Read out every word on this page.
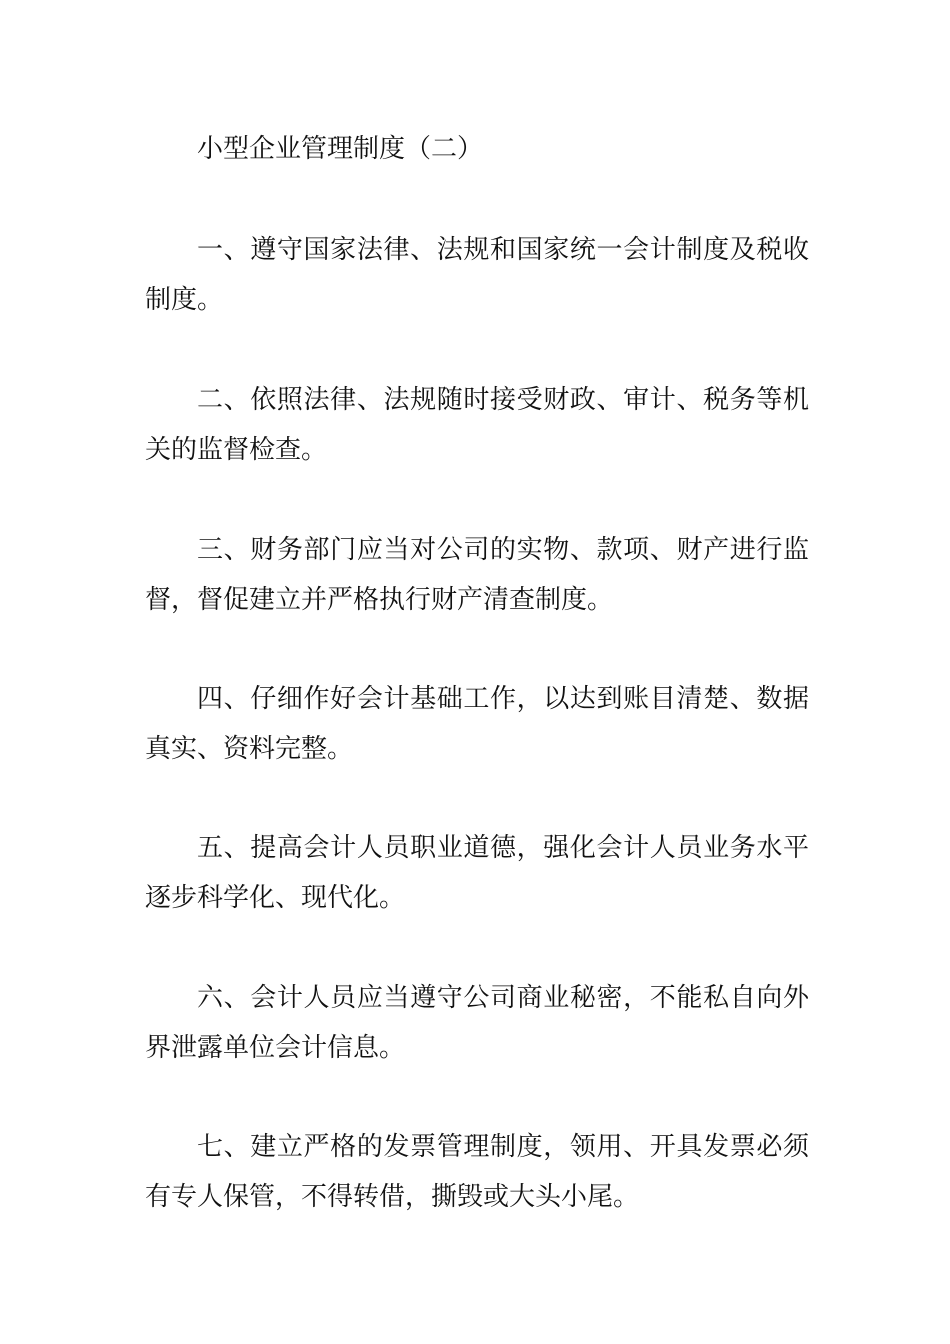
小型企业管理制度（二）

一、遵守国家法律、法规和国家统一会计制度及税收制度。

二、依照法律、法规随时接受财政、审计、税务等机关的监督检查。

三、财务部门应当对公司的实物、款项、财产进行监督，督促建立并严格执行财产清查制度。

四、仔细作好会计基础工作，以达到账目清楚、数据真实、资料完整。

五、提高会计人员职业道德，强化会计人员业务水平逐步科学化、现代化。

六、会计人员应当遵守公司商业秘密，不能私自向外界泄露单位会计信息。

七、建立严格的发票管理制度，领用、开具发票必须有专人保管，不得转借，撕毁或大头小尾。
